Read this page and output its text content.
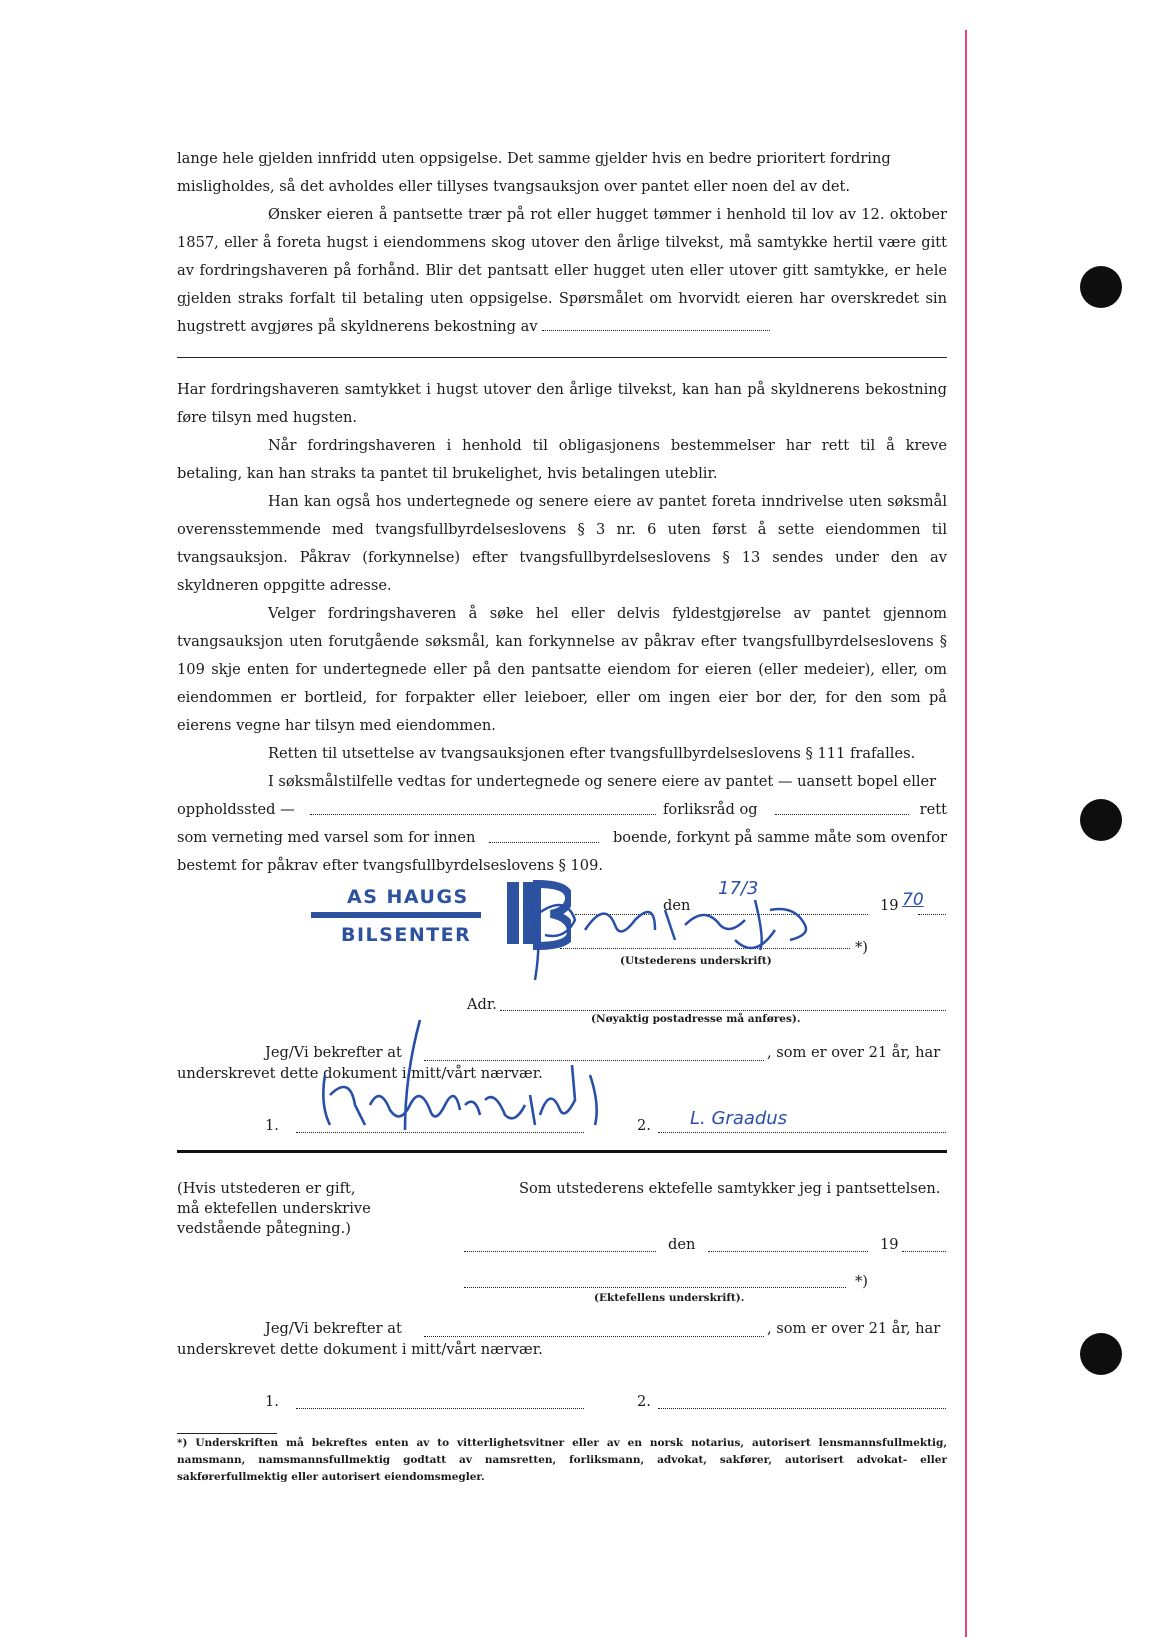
lange hele gjelden innfridd uten oppsigelse. Det samme gjelder hvis en bedre prioritert fordring

misligholdes, så det avholdes eller tillyses tvangsauksjon over pantet eller noen del av det.

Ønsker eieren å pantsette trær på rot eller hugget tømmer i henhold til lov av 12. oktober 1857, eller å foreta hugst i eiendommens skog utover den årlige tilvekst, må samtykke hertil være gitt av fordringshaveren på forhånd. Blir det pantsatt eller hugget uten eller utover gitt samtykke, er hele gjelden straks forfalt til betaling uten oppsigelse. Spørsmålet om hvorvidt eieren har overskredet sin hugstrett avgjøres på skyldnerens bekostning av

Har fordringshaveren samtykket i hugst utover den årlige tilvekst, kan han på skyldnerens bekostning føre tilsyn med hugsten.

Når fordringshaveren i henhold til obligasjonens bestemmelser har rett til å kreve betaling, kan han straks ta pantet til brukelighet, hvis betalingen uteblir.

Han kan også hos undertegnede og senere eiere av pantet foreta inndrivelse uten søksmål overensstemmende med tvangsfullbyrdelseslovens § 3 nr. 6 uten først å sette eiendommen til tvangsauksjon. Påkrav (forkynnelse) efter tvangsfullbyrdelseslovens § 13 sendes under den av skyldneren oppgitte adresse.

Velger fordringshaveren å søke hel eller delvis fyldestgjørelse av pantet gjennom tvangsauksjon uten forutgående søksmål, kan forkynnelse av påkrav efter tvangsfullbyrdelseslovens § 109 skje enten for undertegnede eller på den pantsatte eiendom for eieren (eller medeier), eller, om eiendommen er bortleid, for forpakter eller leieboer, eller om ingen eier bor der, for den som på eierens vegne har tilsyn med eiendommen.

Retten til utsettelse av tvangsauksjonen efter tvangsfullbyrdelseslovens § 111 frafalles.

I søksmålstilfelle vedtas for undertegnede og senere eiere av pantet — uansett bopel eller

oppholdssted —	forliksråd og	rett

som verneting med varsel som for innen	boende, forkynt på samme måte som ovenfor

bestemt for påkrav efter tvangsfullbyrdelseslovens § 109.

AS HAUGS
BILSENTER
den
17/3
19 70
*)
(Utstederens underskrift)
Adr.
(Nøyaktig postadresse må anføres).
Jeg/Vi bekrefter at	, som er over 21 år, har
underskrevet dette dokument i mitt/vårt nærvær.
1.	2. L. Graadus
(Hvis utstederen er gift,
må ektefellen underskrive
vedstående påtegning.)
Som utstederens ektefelle samtykker jeg i pantsettelsen.
den	19
*)
(Ektefellens underskrift).
Jeg/Vi bekrefter at	, som er over 21 år, har
underskrevet dette dokument i mitt/vårt nærvær.
1.	2.
*) Underskriften må bekreftes enten av to vitterlighetsvitner eller av en norsk notarius, autorisert lensmannsfullmektig, namsmann, namsmannsfullmektig godtatt av namsretten, forliksmann, advokat, sakfører, autorisert advokat- eller sakførerfullmektig eller autorisert eiendomsmegler.
